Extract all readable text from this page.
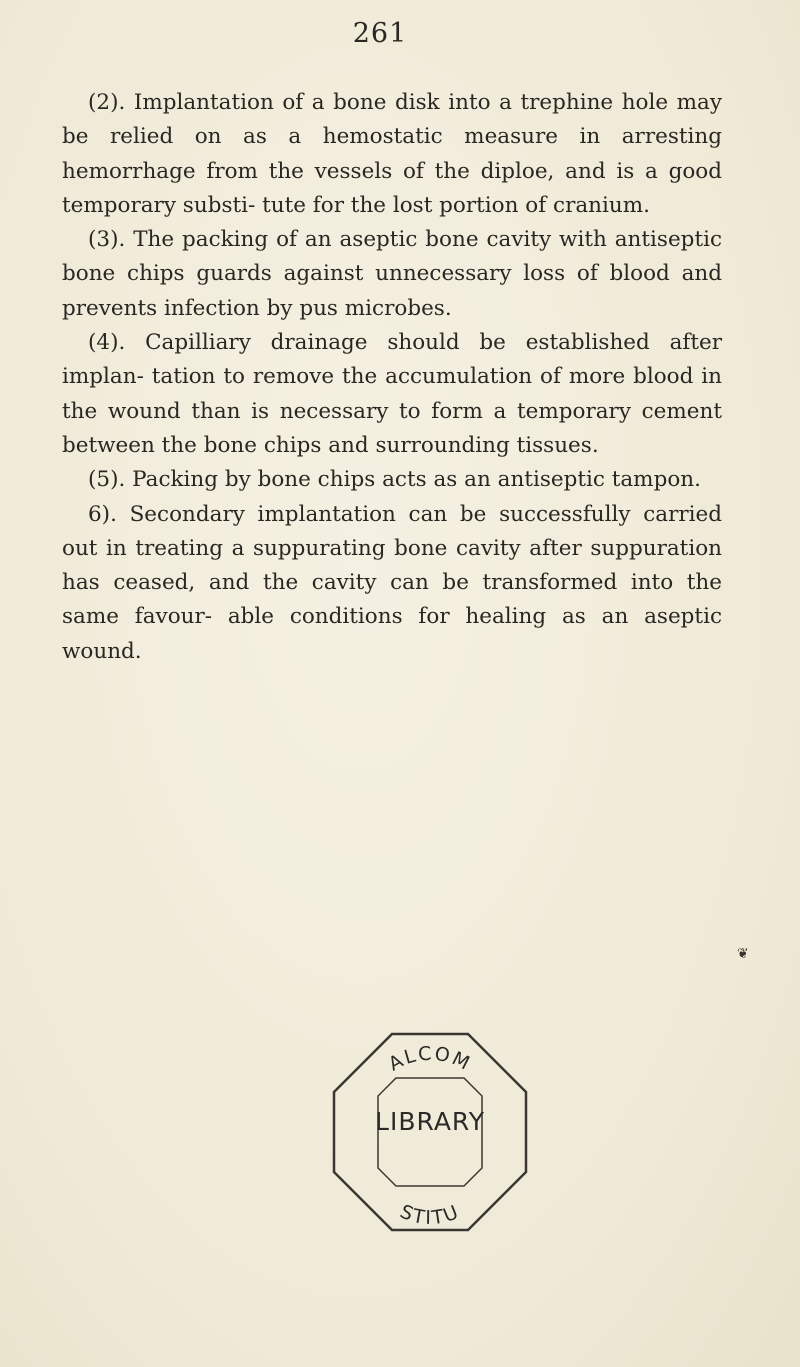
261

(2). Implantation of a bone disk into a trephine hole may be relied on as a hemostatic measure in arresting hemorrhage from the vessels of the diploe, and is a good temporary substi- tute for the lost portion of cranium.

(3). The packing of an aseptic bone cavity with antiseptic bone chips guards against unnecessary loss of blood and prevents infection by pus microbes.

(4). Capilliary drainage should be established after implan- tation to remove the accumulation of more blood in the wound than is necessary to form a temporary cement between the bone chips and surrounding tissues.

(5). Packing by bone chips acts as an antiseptic tampon.

6). Secondary implantation can be successfully carried out in treating a suppurating bone cavity after suppuration has ceased, and the cavity can be transformed into the same favour- able conditions for healing as an aseptic wound.

❦
ALCOM
STITU
LIBRARY
